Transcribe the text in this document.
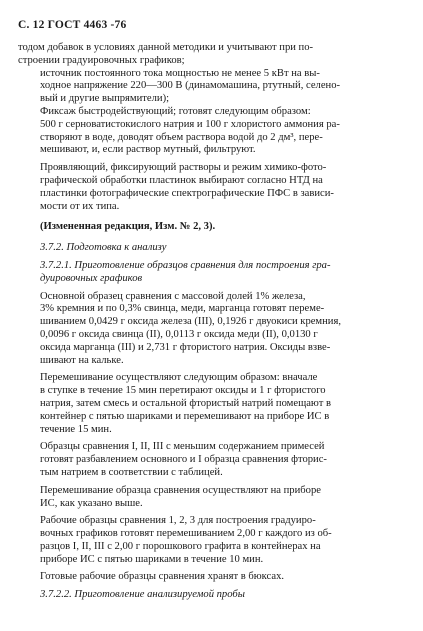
С. 12 ГОСТ 4463 -76

тодом добавок в условиях данной методики и учитывают при по-
строении градуировочных графиков;

источник постоянного тока мощностью не менее 5 кВт на вы-
ходное напряжение 220—300 В (динамомашина, ртутный, селено-
вый и другие выпрямители);

Фиксаж быстродействующий; готовят следующим образом:
500 г серноватистокислого натрия и 100 г хлористого аммония ра-
створяют в воде, доводят объем раствора водой до 2 дм³, пере-
мешивают, и, если раствор мутный, фильтруют.

Проявляющий, фиксирующий растворы и режим химико-фото-
графической обработки пластинок выбирают согласно НТД на
пластинки фотографические спектрографические ПФС в зависи-
мости от их типа.

(Измененная редакция, Изм. № 2, 3).

3.7.2. Подготовка к анализу

3.7.2.1. Приготовление образцов сравнения для построения гра-
дуировочных графиков

Основной образец сравнения с массовой долей 1% железа,
3% кремния и по 0,3% свинца, меди, марганца готовят переме-
шиванием 0,0429 г оксида железа (III), 0,1926 г двуокиси кремния,
0,0096 г оксида свинца (II), 0,0113 г оксида меди (II), 0,0130 г
оксида марганца (III) и 2,731 г фтористого натрия. Оксиды взве-
шивают на кальке.

Перемешивание осуществляют следующим образом: вначале
в ступке в течение 15 мин перетирают оксиды и 1 г фтористого
натрия, затем смесь и остальной фтористый натрий помещают в
контейнер с пятью шариками и перемешивают на приборе ИС в
течение 15 мин.

Образцы сравнения I, II, III с меньшим содержанием примесей
готовят разбавлением основного и I образца сравнения фторис-
тым натрием в соответствии с таблицей.

Перемешивание образца сравнения осуществляют на приборе
ИС, как указано выше.

Рабочие образцы сравнения 1, 2, 3 для построения градуиро-
вочных графиков готовят перемешиванием 2,00 г каждого из об-
разцов I, II, III с 2,00 г порошкового графита в контейнерах на
приборе ИС с пятью шариками в течение 10 мин.

Готовые рабочие образцы сравнения хранят в бюксах.

3.7.2.2. Приготовление анализируемой пробы
